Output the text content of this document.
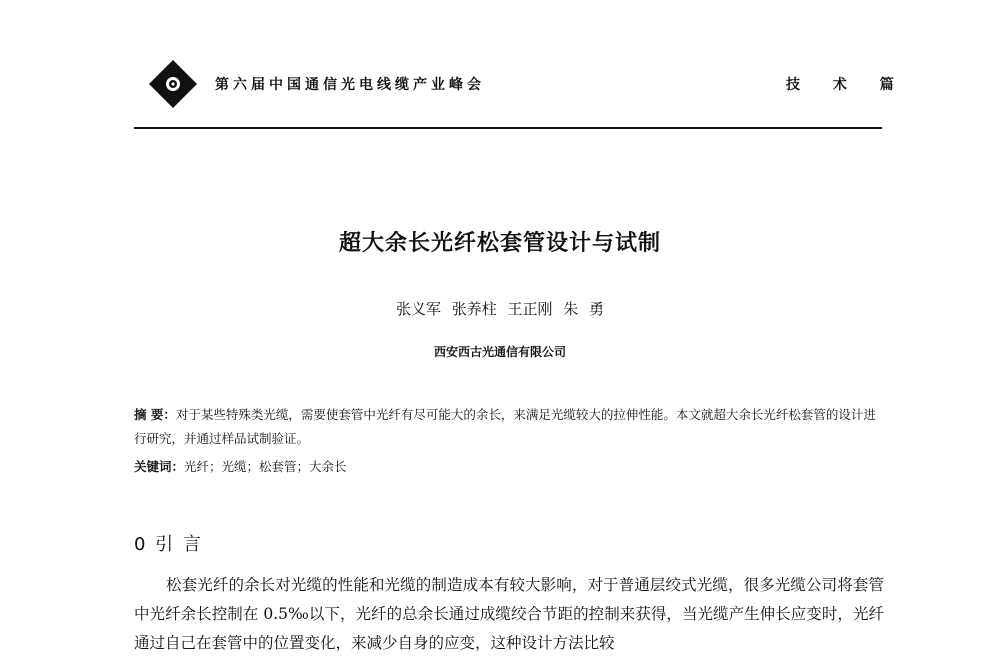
第六届中国通信光电线缆产业峰会	技 术 篇
超大余长光纤松套管设计与试制
张义军 张养柱 王正刚 朱 勇
西安西古光通信有限公司
摘 要：对于某些特殊类光缆，需要使套管中光纤有尽可能大的余长，来满足光缆较大的拉伸性能。本文就超大余长光纤松套管的设计进行研究，并通过样品试制验证。
关键词：光纤；光缆；松套管；大余长
0 引 言
松套光纤的余长对光缆的性能和光缆的制造成本有较大影响，对于普通层绞式光缆，很多光缆公司将套管中光纤余长控制在 0.5‰以下，光纤的总余长通过成缆绞合节距的控制来获得，当光缆产生伸长应变时，光纤通过自己在套管中的位置变化，来减少自身的应变，这种设计方法比较
